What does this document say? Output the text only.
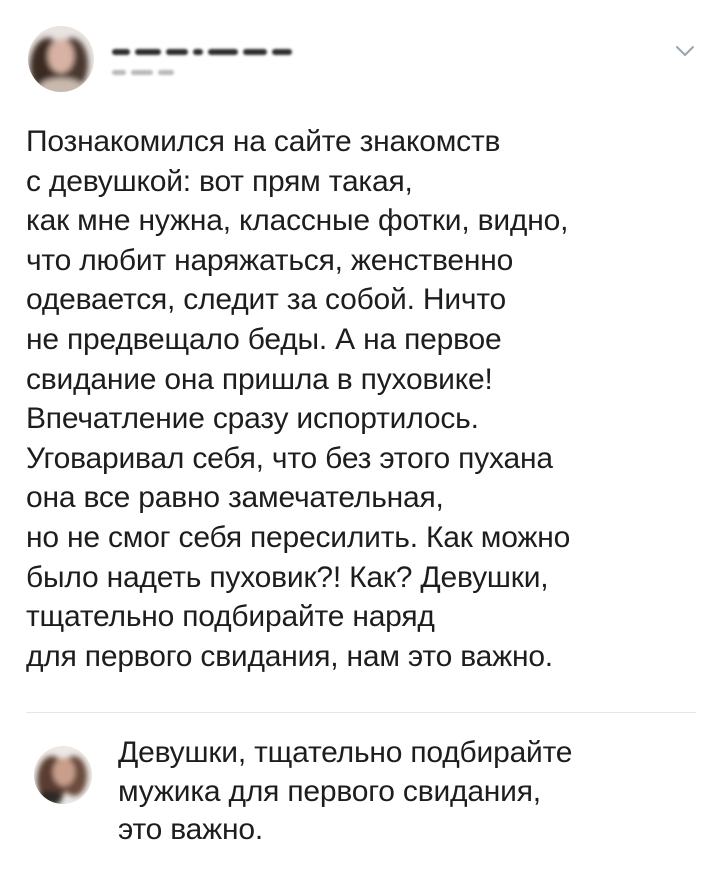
Познакомился на сайте знакомств
с девушкой: вот прям такая,
как мне нужна, классные фотки, видно,
что любит наряжаться, женственно
одевается, следит за собой. Ничто
не предвещало беды. А на первое
свидание она пришла в пуховике!
Впечатление сразу испортилось.
Уговаривал себя, что без этого пухана
она все равно замечательная,
но не смог себя пересилить. Как можно
было надеть пуховик?! Как? Девушки,
тщательно подбирайте наряд
для первого свидания, нам это важно.

Девушки, тщательно подбирайте
мужика для первого свидания,
это важно.
